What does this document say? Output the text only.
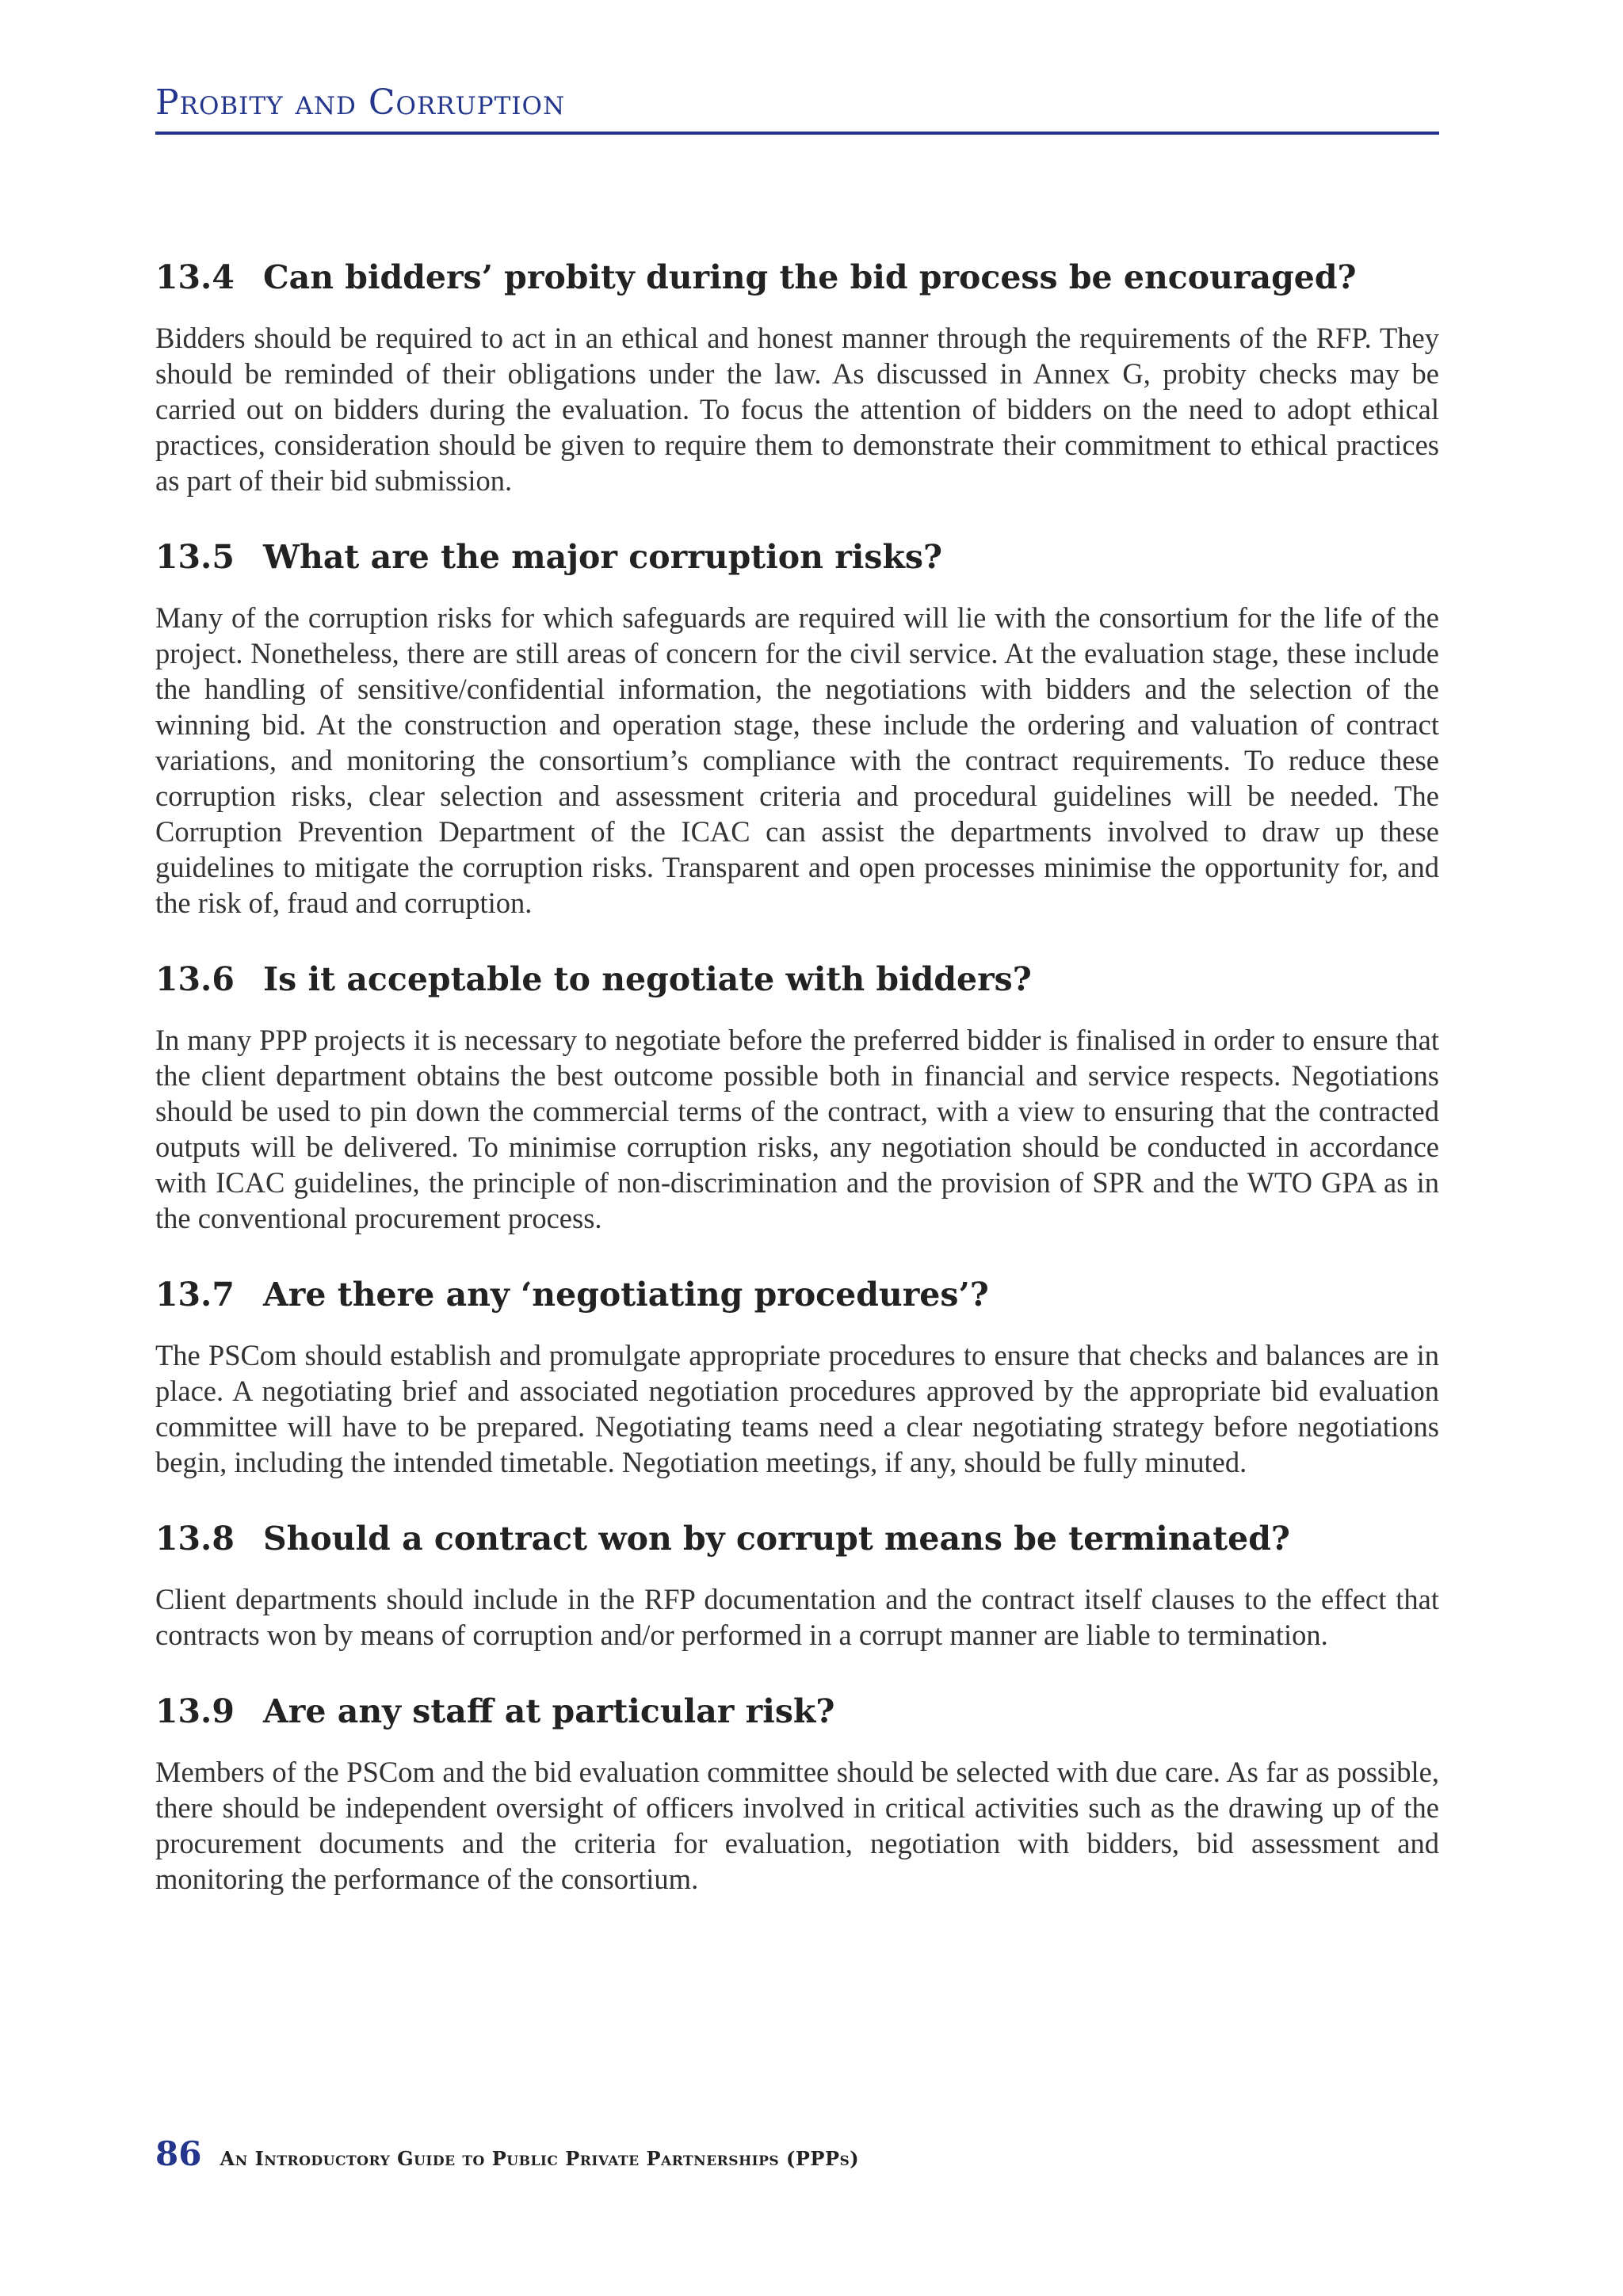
Probity and Corruption
13.4 Can bidders’ probity during the bid process be encouraged?

Bidders should be required to act in an ethical and honest manner through the requirements of the RFP. They should be reminded of their obligations under the law. As discussed in Annex G, probity checks may be carried out on bidders during the evaluation. To focus the attention of bidders on the need to adopt ethical practices, consideration should be given to require them to demonstrate their commitment to ethical practices as part of their bid submission.

13.5 What are the major corruption risks?

Many of the corruption risks for which safeguards are required will lie with the consortium for the life of the project. Nonetheless, there are still areas of concern for the civil service. At the evaluation stage, these include the handling of sensitive/confidential information, the negotiations with bidders and the selection of the winning bid. At the construction and operation stage, these include the ordering and valuation of contract variations, and monitoring the consortium’s compliance with the contract requirements. To reduce these corruption risks, clear selection and assessment criteria and procedural guidelines will be needed. The Corruption Prevention Department of the ICAC can assist the departments involved to draw up these guidelines to mitigate the corruption risks. Transparent and open processes minimise the opportunity for, and the risk of, fraud and corruption.

13.6 Is it acceptable to negotiate with bidders?

In many PPP projects it is necessary to negotiate before the preferred bidder is finalised in order to ensure that the client department obtains the best outcome possible both in financial and service respects. Negotiations should be used to pin down the commercial terms of the contract, with a view to ensuring that the contracted outputs will be delivered. To minimise corruption risks, any negotiation should be conducted in accordance with ICAC guidelines, the principle of non-discrimination and the provision of SPR and the WTO GPA as in the conventional procurement process.

13.7 Are there any ‘negotiating procedures’?

The PSCom should establish and promulgate appropriate procedures to ensure that checks and balances are in place. A negotiating brief and associated negotiation procedures approved by the appropriate bid evaluation committee will have to be prepared. Negotiating teams need a clear negotiating strategy before negotiations begin, including the intended timetable. Negotiation meetings, if any, should be fully minuted.

13.8 Should a contract won by corrupt means be terminated?

Client departments should include in the RFP documentation and the contract itself clauses to the effect that contracts won by means of corruption and/or performed in a corrupt manner are liable to termination.

13.9 Are any staff at particular risk?

Members of the PSCom and the bid evaluation committee should be selected with due care. As far as possible, there should be independent oversight of officers involved in critical activities such as the drawing up of the procurement documents and the criteria for evaluation, negotiation with bidders, bid assessment and monitoring the performance of the consortium.

86 An Introductory Guide to Public Private Partnerships (PPPs)
